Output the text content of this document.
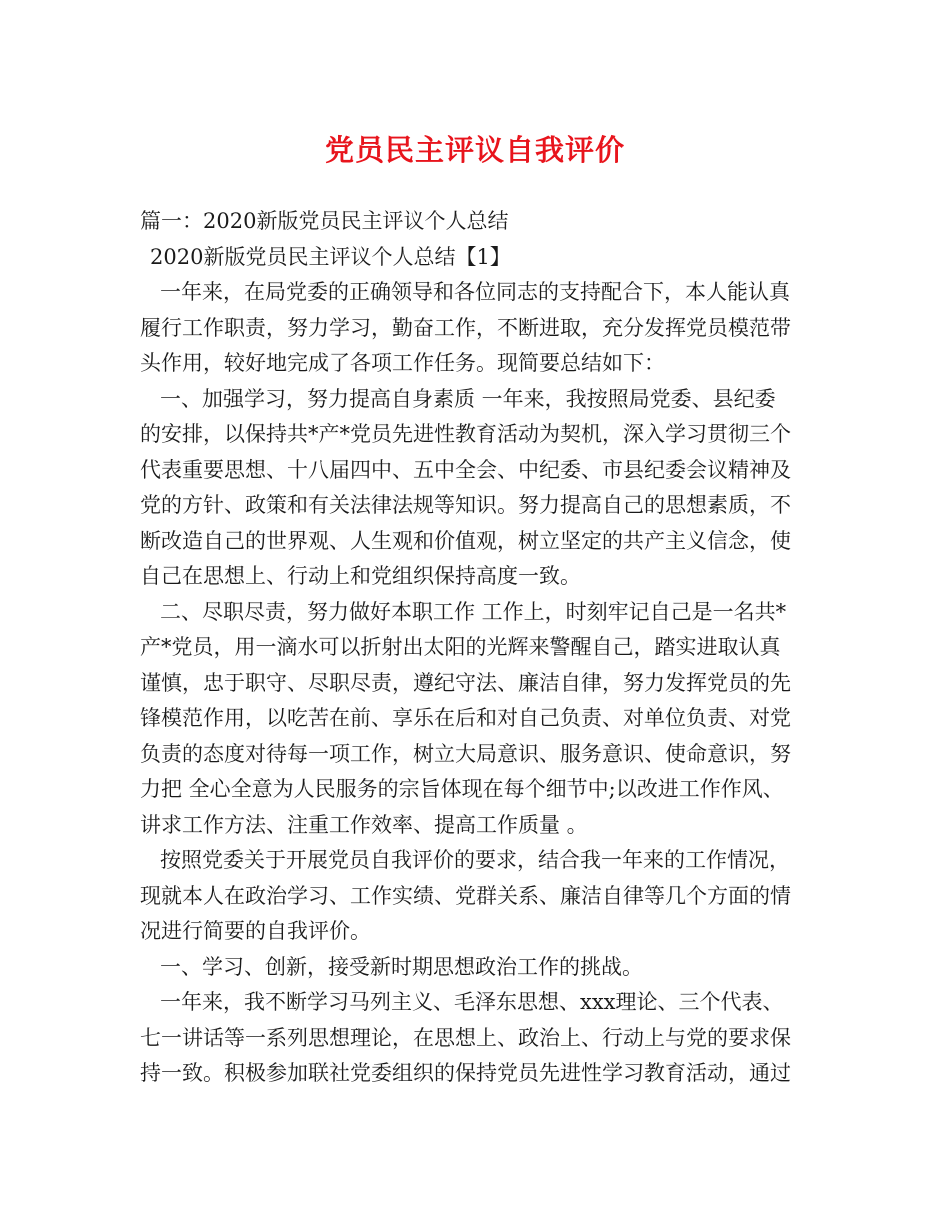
党员民主评议自我评价
篇一：2020新版党员民主评议个人总结
2020新版党员民主评议个人总结【1】
一年来，在局党委的正确领导和各位同志的支持配合下，本人能认真
履行工作职责，努力学习，勤奋工作，不断进取，充分发挥党员模范带
头作用，较好地完成了各项工作任务。现简要总结如下：
一、加强学习，努力提高自身素质 一年来，我按照局党委、县纪委
的安排，以保持共*产*党员先进性教育活动为契机，深入学习贯彻三个
代表重要思想、十八届四中、五中全会、中纪委、市县纪委会议精神及
党的方针、政策和有关法律法规等知识。努力提高自己的思想素质，不
断改造自己的世界观、人生观和价值观，树立坚定的共产主义信念，使
自己在思想上、行动上和党组织保持高度一致。
二、尽职尽责，努力做好本职工作 工作上，时刻牢记自己是一名共*
产*党员，用一滴水可以折射出太阳的光辉来警醒自己，踏实进取认真
谨慎，忠于职守、尽职尽责，遵纪守法、廉洁自律，努力发挥党员的先
锋模范作用，以吃苦在前、享乐在后和对自己负责、对单位负责、对党
负责的态度对待每一项工作，树立大局意识、服务意识、使命意识，努
力把 全心全意为人民服务的宗旨体现在每个细节中;以改进工作作风、
讲求工作方法、注重工作效率、提高工作质量 。
按照党委关于开展党员自我评价的要求，结合我一年来的工作情况，
现就本人在政治学习、工作实绩、党群关系、廉洁自律等几个方面的情
况进行简要的自我评价。
一、学习、创新，接受新时期思想政治工作的挑战。
一年来，我不断学习马列主义、毛泽东思想、xxx理论、三个代表、
七一讲话等一系列思想理论，在思想上、政治上、行动上与党的要求保
持一致。积极参加联社党委组织的保持党员先进性学习教育活动，通过
